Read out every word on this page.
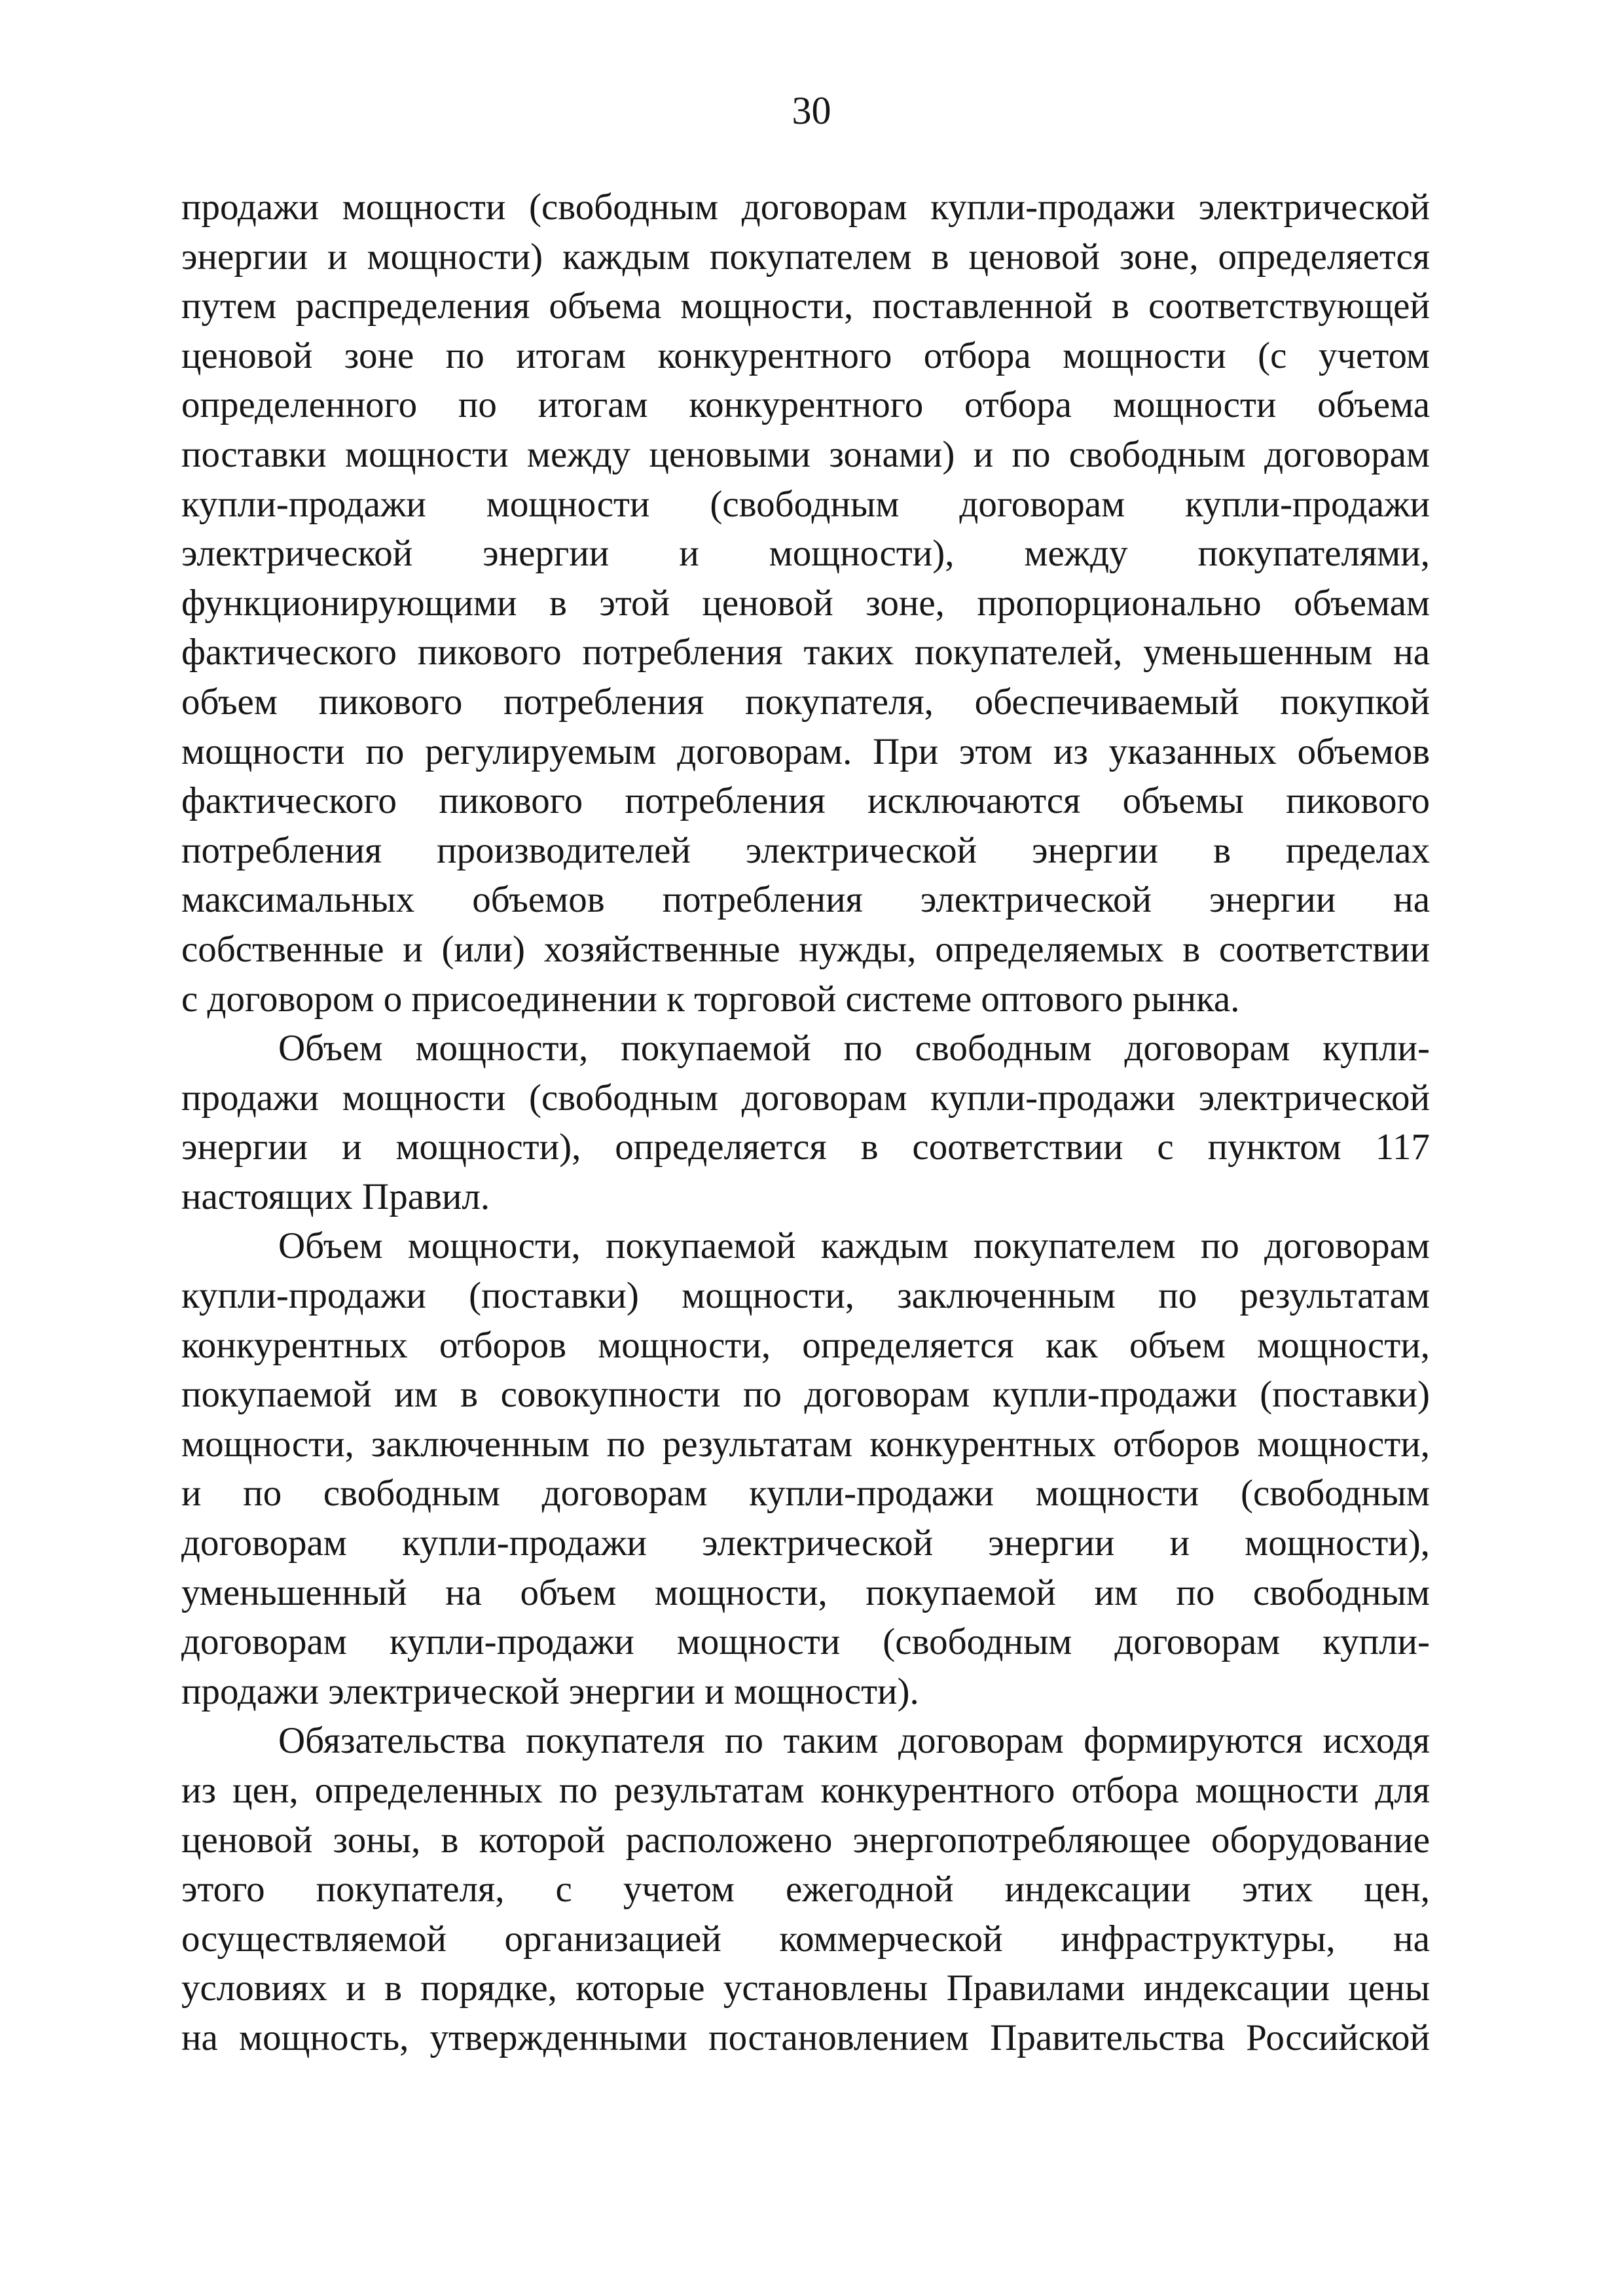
30
продажи мощности (свободным договорам купли-продажи электрической
энергии и мощности) каждым покупателем в ценовой зоне, определяется
путем распределения объема мощности, поставленной в соответствующей
ценовой зоне по итогам конкурентного отбора мощности (с учетом
определенного по итогам конкурентного отбора мощности объема
поставки мощности между ценовыми зонами) и по свободным договорам
купли-продажи мощности (свободным договорам купли-продажи
электрической энергии и мощности), между покупателями,
функционирующими в этой ценовой зоне, пропорционально объемам
фактического пикового потребления таких покупателей, уменьшенным на
объем пикового потребления покупателя, обеспечиваемый покупкой
мощности по регулируемым договорам. При этом из указанных объемов
фактического пикового потребления исключаются объемы пикового
потребления производителей электрической энергии в пределах
максимальных объемов потребления электрической энергии на
собственные и (или) хозяйственные нужды, определяемых в соответствии
с договором о присоединении к торговой системе оптового рынка.
Объем мощности, покупаемой по свободным договорам купли-
продажи мощности (свободным договорам купли-продажи электрической
энергии и мощности), определяется в соответствии с пунктом 117
настоящих Правил.
Объем мощности, покупаемой каждым покупателем по договорам
купли-продажи (поставки) мощности, заключенным по результатам
конкурентных отборов мощности, определяется как объем мощности,
покупаемой им в совокупности по договорам купли-продажи (поставки)
мощности, заключенным по результатам конкурентных отборов мощности,
и по свободным договорам купли-продажи мощности (свободным
договорам купли-продажи электрической энергии и мощности),
уменьшенный на объем мощности, покупаемой им по свободным
договорам купли-продажи мощности (свободным договорам купли-
продажи электрической энергии и мощности).
Обязательства покупателя по таким договорам формируются исходя
из цен, определенных по результатам конкурентного отбора мощности для
ценовой зоны, в которой расположено энергопотребляющее оборудование
этого покупателя, с учетом ежегодной индексации этих цен,
осуществляемой организацией коммерческой инфраструктуры, на
условиях и в порядке, которые установлены Правилами индексации цены
на мощность, утвержденными постановлением Правительства Российской
